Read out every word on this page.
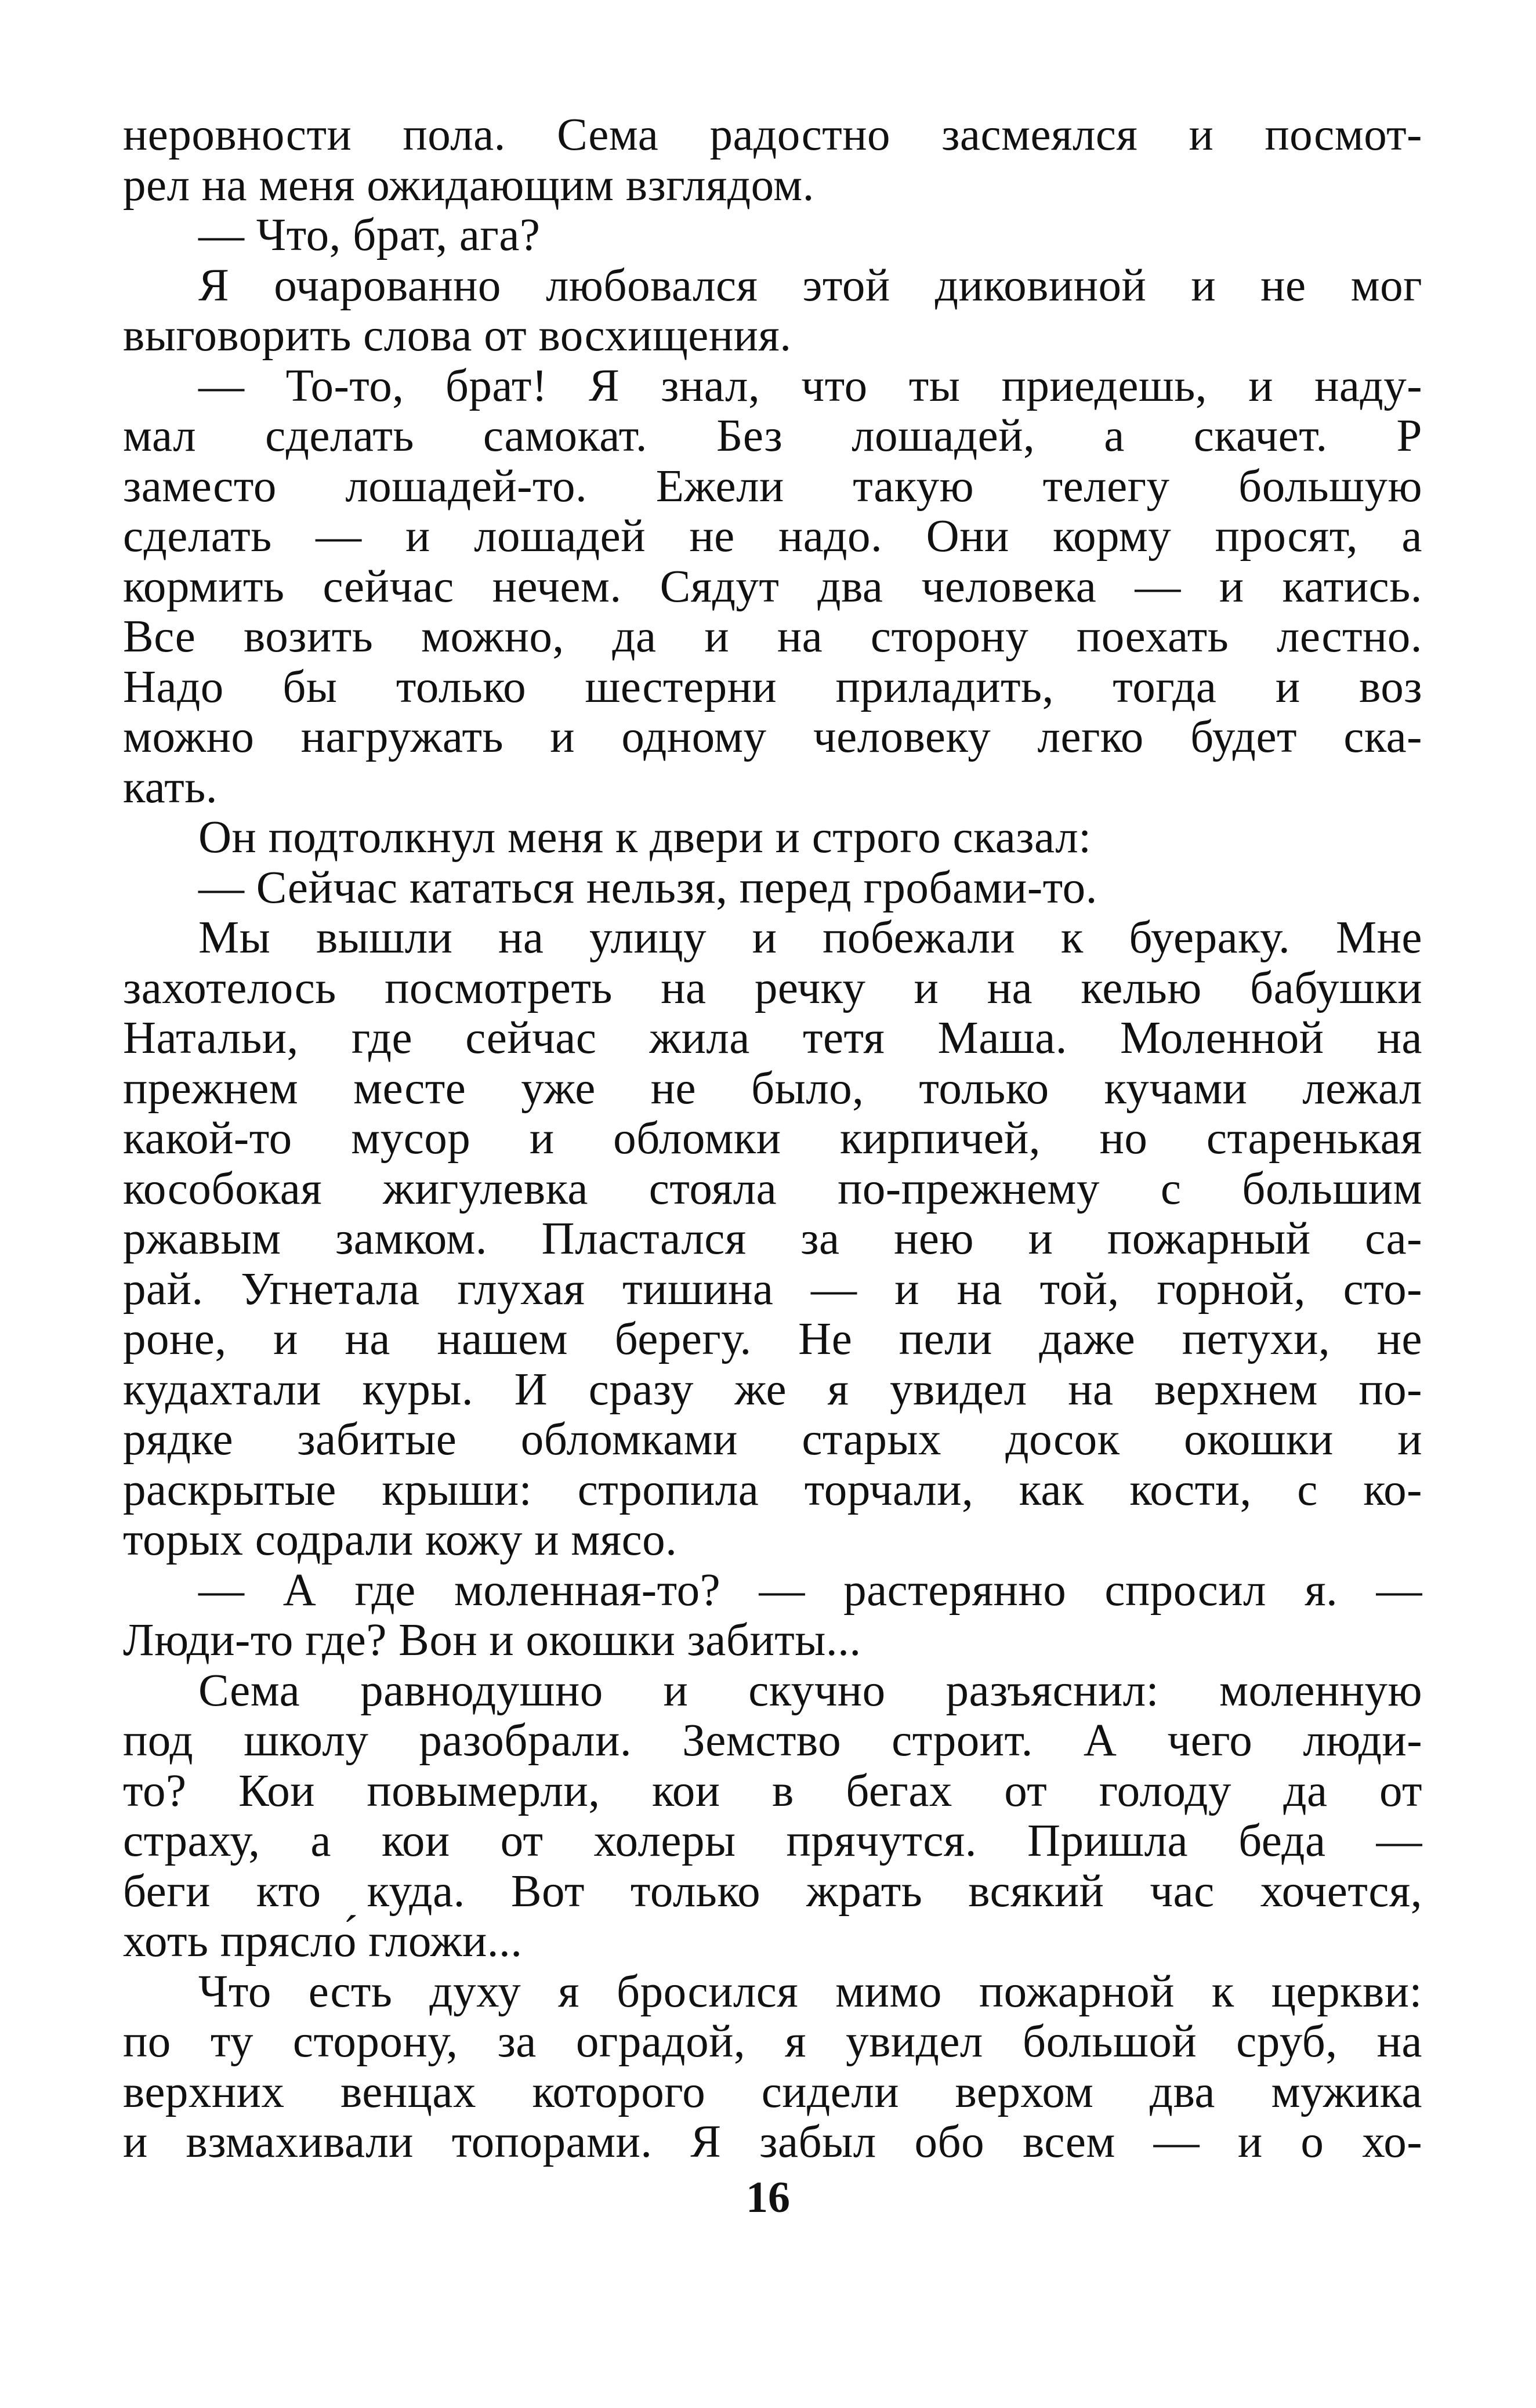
неровности пола. Сема радостно засмеялся и посмот-
рел на меня ожидающим взглядом.
— Что, брат, ага?
Я очарованно любовался этой диковиной и не мог
выговорить слова от восхищения.
— То-то, брат! Я знал, что ты приедешь, и наду-
мал сделать самокат. Без лошадей, а скачет. Р
заместо лошадей-то. Ежели такую телегу большую
сделать — и лошадей не надо. Они корму просят, а
кормить сейчас нечем. Сядут два человека — и катись.
Все возить можно, да и на сторону поехать лестно.
Надо бы только шестерни приладить, тогда и воз
можно нагружать и одному человеку легко будет ска-
кать.
Он подтолкнул меня к двери и строго сказал:
— Сейчас кататься нельзя, перед гробами-то.
Мы вышли на улицу и побежали к буераку. Мне
захотелось посмотреть на речку и на келью бабушки
Натальи, где сейчас жила тетя Маша. Моленной на
прежнем месте уже не было, только кучами лежал
какой-то мусор и обломки кирпичей, но старенькая
кособокая жигулевка стояла по-прежнему с большим
ржавым замком. Пластался за нею и пожарный са-
рай. Угнетала глухая тишина — и на той, горной, сто-
роне, и на нашем берегу. Не пели даже петухи, не
кудахтали куры. И сразу же я увидел на верхнем по-
рядке забитые обломками старых досок окошки и
раскрытые крыши: стропила торчали, как кости, с ко-
торых содрали кожу и мясо.
— А где моленная-то? — растерянно спросил я. —
Люди-то где? Вон и окошки забиты...
Сема равнодушно и скучно разъяснил: моленную
под школу разобрали. Земство строит. А чего люди-
то? Кои повымерли, кои в бегах от голоду да от
страху, а кои от холеры прячутся. Пришла беда —
беги кто куда. Вот только жрать всякий час хочется,
хоть прясло́ гложи...
Что есть духу я бросился мимо пожарной к церкви:
по ту сторону, за оградой, я увидел большой сруб, на
верхних венцах которого сидели верхом два мужика
и взмахивали топорами. Я забыл обо всем — и о хо-
16
